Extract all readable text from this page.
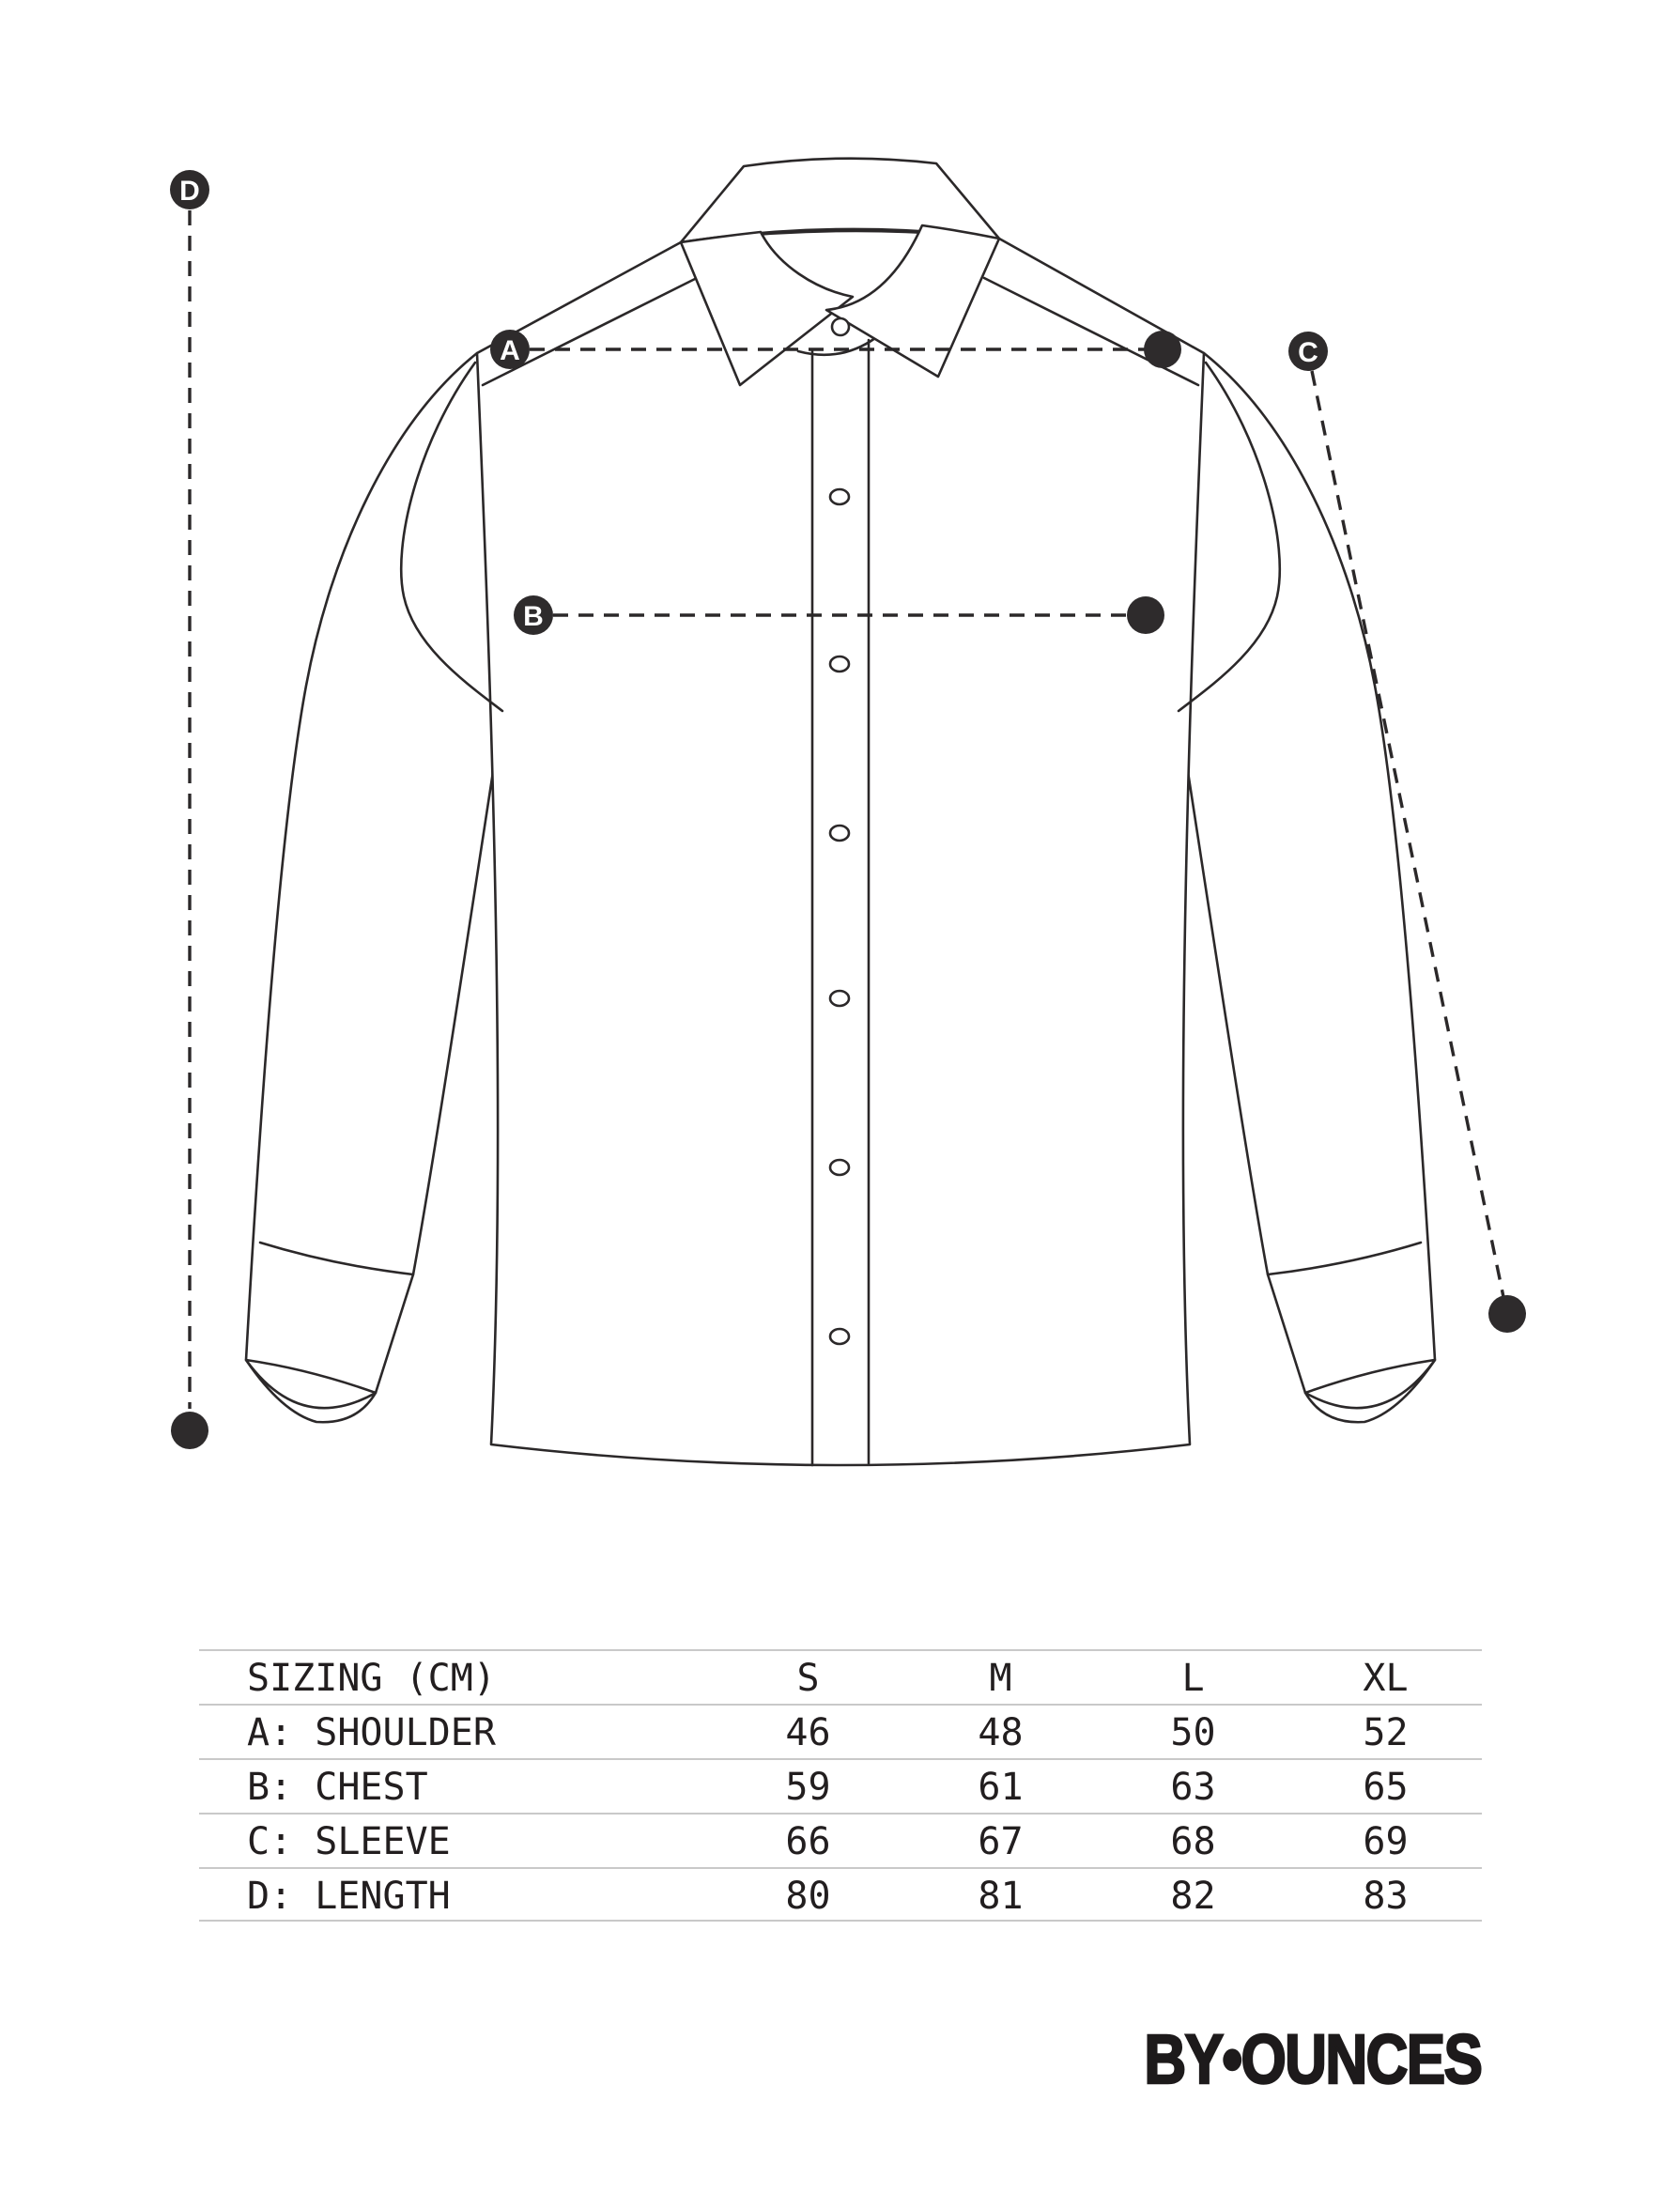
A
B
C
D
SIZING (CM)	S	M	L	XL
A: SHOULDER	46	48	50	52
B: CHEST	59	61	63	65
C: SLEEVE	66	67	68	69
D: LENGTH	80	81	82	83
BY•OUNCES
